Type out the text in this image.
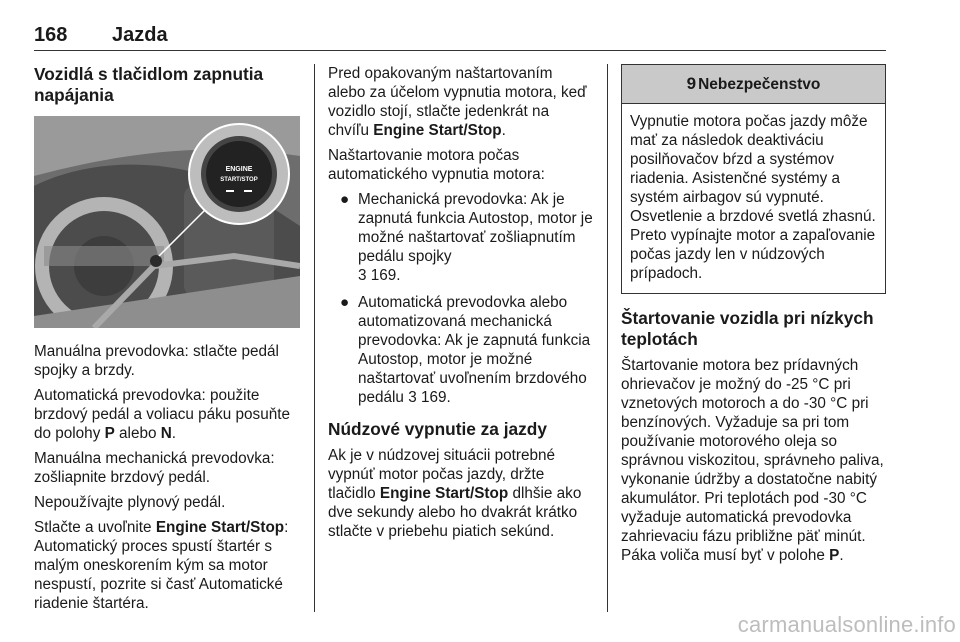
168 Jazda
Vozidlá s tlačidlom zapnutia napájania
ENGINE
START/STOP

Manuálna prevodovka: stlačte pedál spojky a brzdy.

Automatická prevodovka: použite brzdový pedál a voliacu páku posuňte do polohy P alebo N.

Manuálna mechanická prevodovka: zošliapnite brzdový pedál.

Nepoužívajte plynový pedál.

Stlačte a uvoľnite Engine Start/Stop: Automatický proces spustí štartér s malým oneskorením kým sa motor nespustí, pozrite si časť Automatické riadenie štartéra.

Pred opakovaným naštartovaním alebo za účelom vypnutia motora, keď vozidlo stojí, stlačte jedenkrát na chvíľu Engine Start/Stop.

Naštartovanie motora počas automatického vypnutia motora:

● Mechanická prevodovka: Ak je zapnutá funkcia Autostop, motor je možné naštartovať zošliapnutím pedálu spojky
3 169.
● Automatická prevodovka alebo automatizovaná mechanická prevodovka: Ak je zapnutá funkcia Autostop, motor je možné naštartovať uvoľnením brzdového pedálu 3 169.
Núdzové vypnutie za jazdy

Ak je v núdzovej situácii potrebné vypnúť motor počas jazdy, držte tlačidlo Engine Start/Stop dlhšie ako dve sekundy alebo ho dvakrát krátko stlačte v priebehu piatich sekúnd.

9 Nebezpečenstvo
Vypnutie motora počas jazdy môže mať za následok deaktiváciu posilňovačov bŕzd a systémov riadenia. Asistenčné systémy a systém airbagov sú vypnuté. Osvetlenie a brzdové svetlá zhasnú. Preto vypínajte motor a zapaľovanie počas jazdy len v núdzových prípadoch.
Štartovanie vozidla pri nízkych teplotách

Štartovanie motora bez prídavných ohrievačov je možný do -25 °C pri vznetových motoroch a do -30 °C pri benzínových. Vyžaduje sa pri tom používanie motorového oleja so správnou viskozitou, správneho paliva, vykonanie údržby a dostatočne nabitý akumulátor. Pri teplotách pod -30 °C vyžaduje automatická prevodovka zahrievaciu fázu približne päť minút. Páka voliča musí byť v polohe P.

carmanualsonline.info
